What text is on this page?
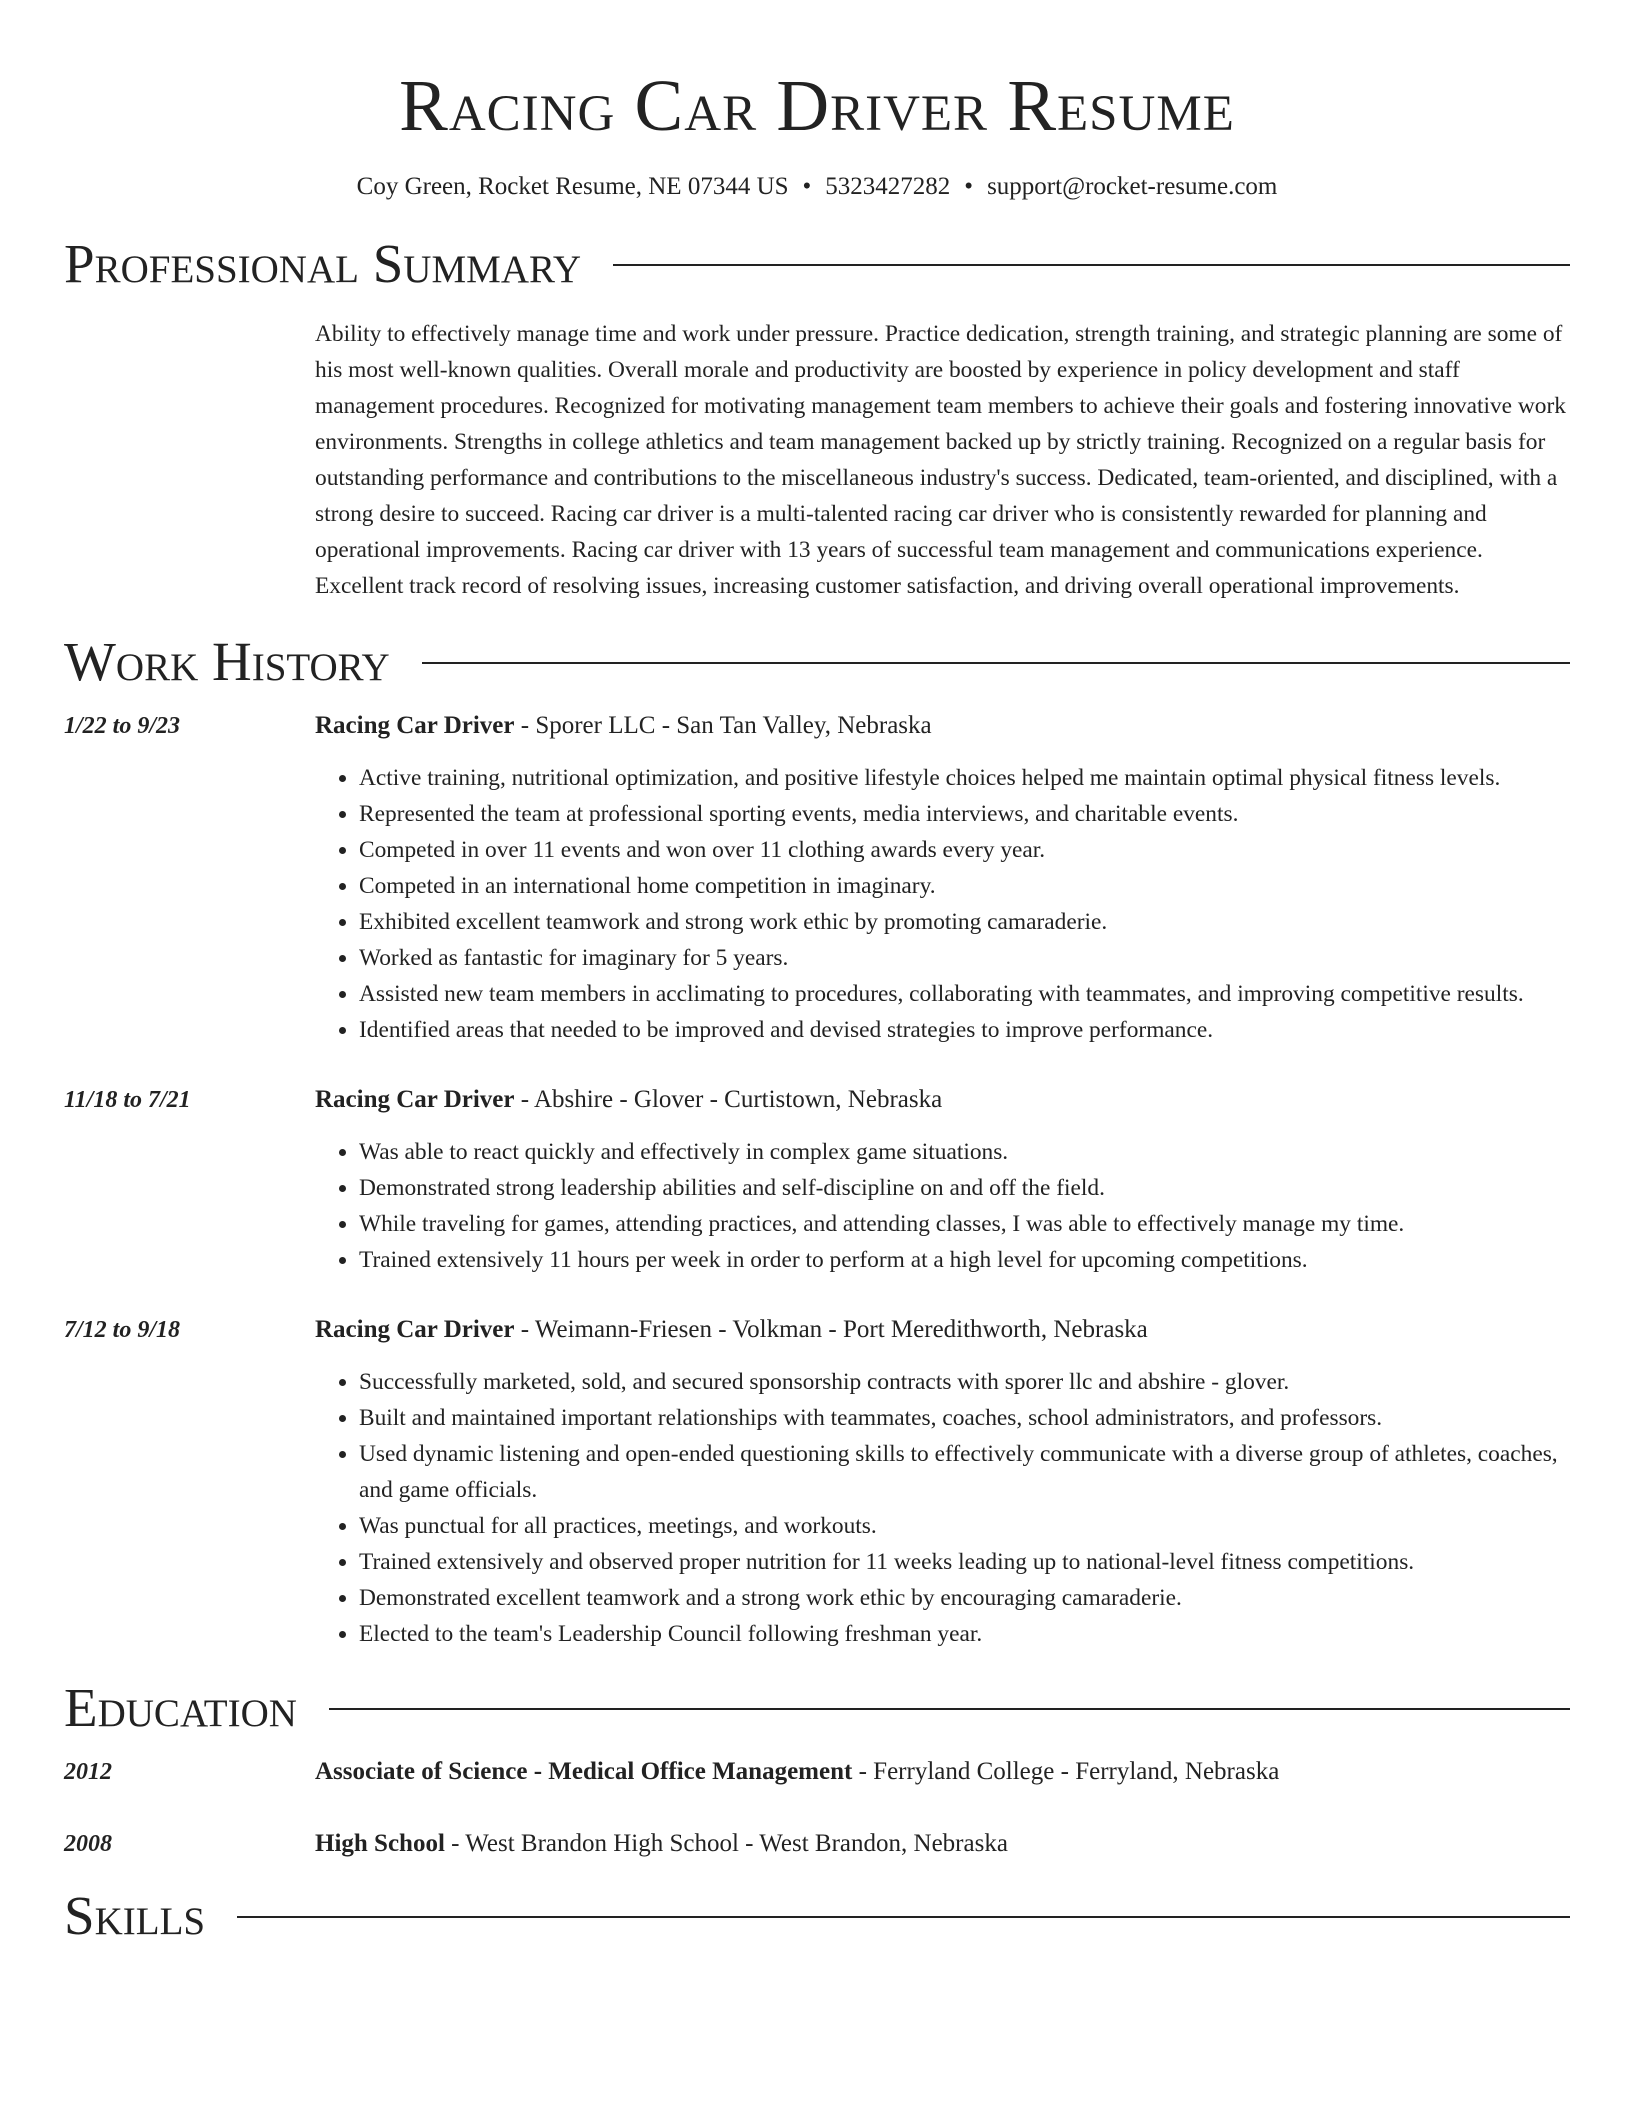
Racing Car Driver Resume
Coy Green, Rocket Resume, NE 07344 US • 5323427282 • support@rocket-resume.com
Professional Summary
Ability to effectively manage time and work under pressure. Practice dedication, strength training, and strategic planning are some of his most well-known qualities. Overall morale and productivity are boosted by experience in policy development and staff management procedures. Recognized for motivating management team members to achieve their goals and fostering innovative work environments. Strengths in college athletics and team management backed up by strictly training. Recognized on a regular basis for outstanding performance and contributions to the miscellaneous industry's success. Dedicated, team-oriented, and disciplined, with a strong desire to succeed. Racing car driver is a multi-talented racing car driver who is consistently rewarded for planning and operational improvements. Racing car driver with 13 years of successful team management and communications experience. Excellent track record of resolving issues, increasing customer satisfaction, and driving overall operational improvements.
Work History
1/22 to 9/23	Racing Car Driver - Sporer LLC - San Tan Valley, Nebraska
• Active training, nutritional optimization, and positive lifestyle choices helped me maintain optimal physical fitness levels.
• Represented the team at professional sporting events, media interviews, and charitable events.
• Competed in over 11 events and won over 11 clothing awards every year.
• Competed in an international home competition in imaginary.
• Exhibited excellent teamwork and strong work ethic by promoting camaraderie.
• Worked as fantastic for imaginary for 5 years.
• Assisted new team members in acclimating to procedures, collaborating with teammates, and improving competitive results.
• Identified areas that needed to be improved and devised strategies to improve performance.
11/18 to 7/21	Racing Car Driver - Abshire - Glover - Curtistown, Nebraska
• Was able to react quickly and effectively in complex game situations.
• Demonstrated strong leadership abilities and self-discipline on and off the field.
• While traveling for games, attending practices, and attending classes, I was able to effectively manage my time.
• Trained extensively 11 hours per week in order to perform at a high level for upcoming competitions.
7/12 to 9/18	Racing Car Driver - Weimann-Friesen - Volkman - Port Meredithworth, Nebraska
• Successfully marketed, sold, and secured sponsorship contracts with sporer llc and abshire - glover.
• Built and maintained important relationships with teammates, coaches, school administrators, and professors.
• Used dynamic listening and open-ended questioning skills to effectively communicate with a diverse group of athletes, coaches, and game officials.
• Was punctual for all practices, meetings, and workouts.
• Trained extensively and observed proper nutrition for 11 weeks leading up to national-level fitness competitions.
• Demonstrated excellent teamwork and a strong work ethic by encouraging camaraderie.
• Elected to the team's Leadership Council following freshman year.
Education
2012	Associate of Science - Medical Office Management - Ferryland College - Ferryland, Nebraska
2008	High School - West Brandon High School - West Brandon, Nebraska
Skills
